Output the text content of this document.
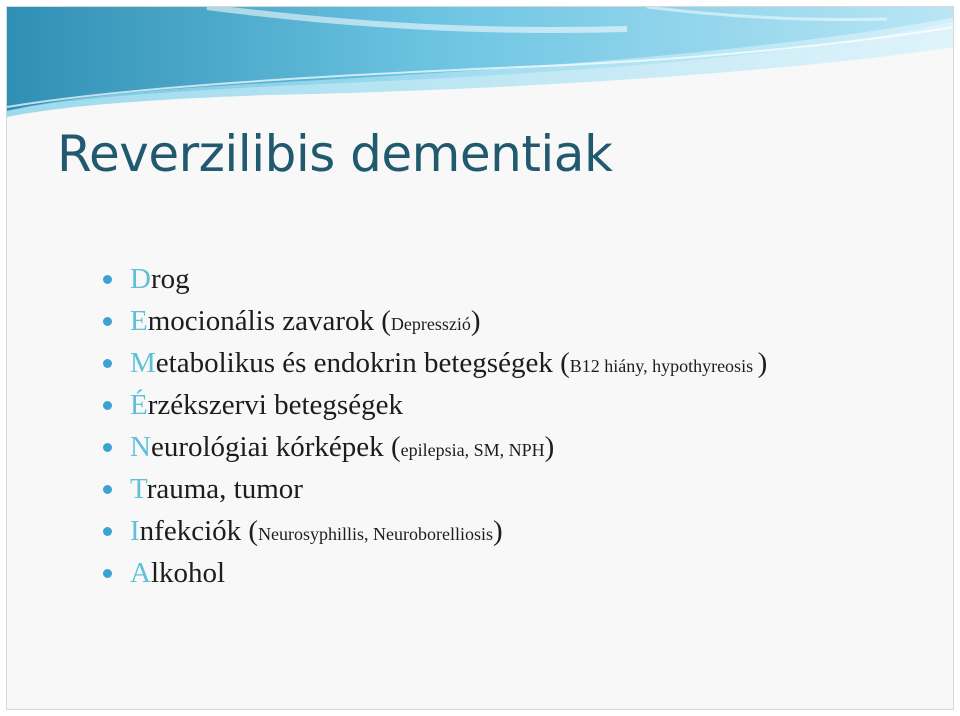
Reverzilibis dementiak
Drog
Emocionális zavarok (Depresszió)
Metabolikus és endokrin betegségek (B12 hiány, hypothyreosis )
Érzékszervi betegségek
Neurológiai kórképek (epilepsia, SM, NPH)
Trauma, tumor
Infekciók (Neurosyphillis, Neuroborelliosis)
Alkohol
